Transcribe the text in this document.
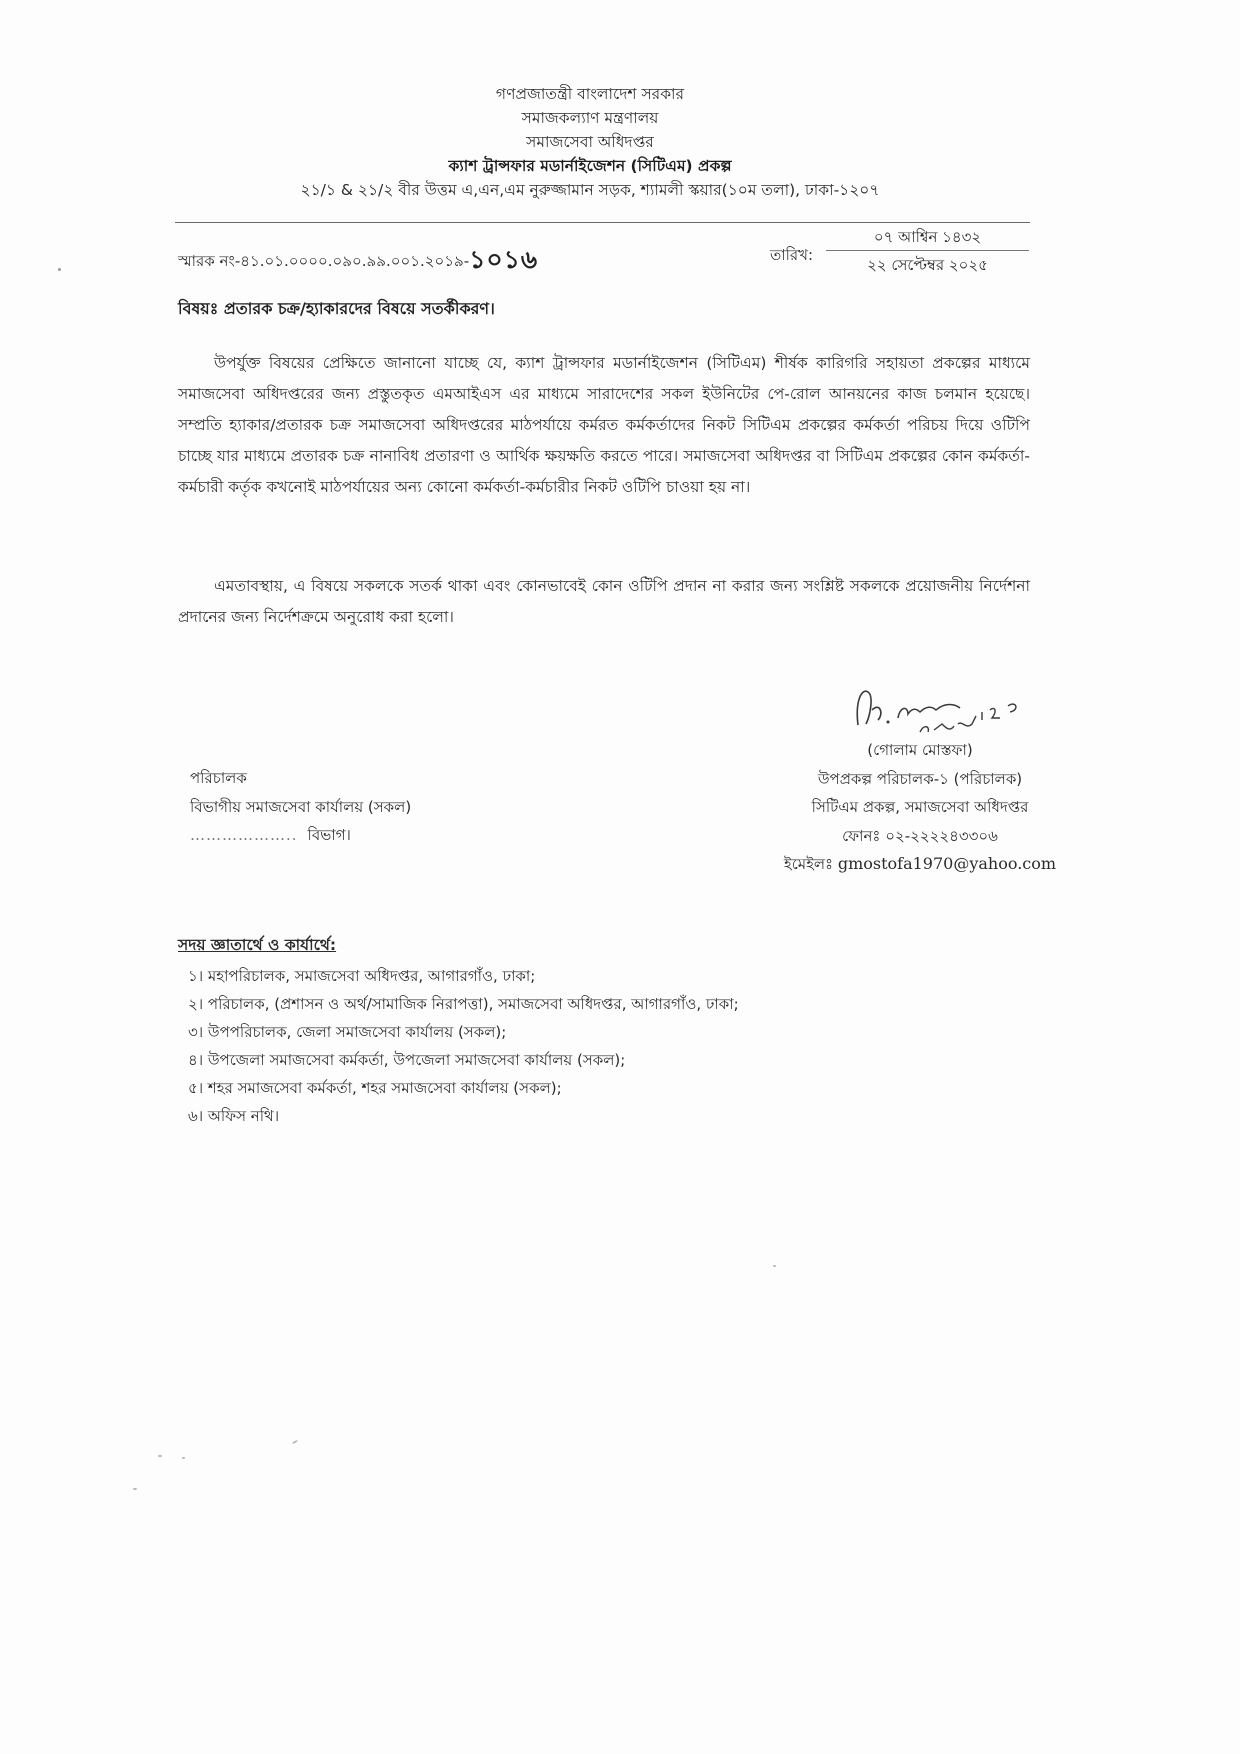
গণপ্রজাতন্ত্রী বাংলাদেশ সরকার
সমাজকল্যাণ মন্ত্রণালয়
সমাজসেবা অধিদপ্তর
ক্যাশ ট্রান্সফার মডার্নাইজেশন (সিটিএম) প্রকল্প
২১/১ & ২১/২ বীর উত্তম এ,এন,এম নুরুজ্জামান সড়ক, শ্যামলী স্কয়ার(১০ম তলা), ঢাকা-১২০৭
স্মারক নং-৪১.০১.০০০০.০৯০.৯৯.০০১.২০১৯-১০১৬	তারিখ:
০৭ আশ্বিন ১৪৩২
২২ সেপ্টেম্বর ২০২৫
বিষয়ঃ প্রতারক চক্র/হ্যাকারদের বিষয়ে সতর্কীকরণ।

উপর্যুক্ত বিষয়ের প্রেক্ষিতে জানানো যাচ্ছে যে, ক্যাশ ট্রান্সফার মডার্নাইজেশন (সিটিএম) শীর্ষক কারিগরি সহায়তা প্রকল্পের মাধ্যমে সমাজসেবা অধিদপ্তরের জন্য প্রস্তুতকৃত এমআইএস এর মাধ্যমে সারাদেশের সকল ইউনিটের পে-রোল আনয়নের কাজ চলমান হয়েছে। সম্প্রতি হ্যাকার/প্রতারক চক্র সমাজসেবা অধিদপ্তরের মাঠপর্যায়ে কর্মরত কর্মকর্তাদের নিকট সিটিএম প্রকল্পের কর্মকর্তা পরিচয় দিয়ে ওটিপি চাচ্ছে যার মাধ্যমে প্রতারক চক্র নানাবিধ প্রতারণা ও আর্থিক ক্ষয়ক্ষতি করতে পারে। সমাজসেবা অধিদপ্তর বা সিটিএম প্রকল্পের কোন কর্মকর্তা-কর্মচারী কর্তৃক কখনোই মাঠপর্যায়ের অন্য কোনো কর্মকর্তা-কর্মচারীর নিকট ওটিপি চাওয়া হয় না।

এমতাবস্থায়, এ বিষয়ে সকলকে সতর্ক থাকা এবং কোনভাবেই কোন ওটিপি প্রদান না করার জন্য সংশ্লিষ্ট সকলকে প্রয়োজনীয় নির্দেশনা প্রদানের জন্য নির্দেশক্রমে অনুরোধ করা হলো।

(গোলাম মোস্তফা)
উপপ্রকল্প পরিচালক-১ (পরিচালক)
সিটিএম প্রকল্প, সমাজসেবা অধিদপ্তর
ফোনঃ ০২-২২২২৪৩৩০৬
ইমেইলঃ gmostofa1970@yahoo.com
পরিচালক
বিভাগীয় সমাজসেবা কার্যালয় (সকল)
……………….. বিভাগ।
সদয় জ্ঞাতার্থে ও কার্যার্থে:
১। মহাপরিচালক, সমাজসেবা অধিদপ্তর, আগারগাঁও, ঢাকা;
২। পরিচালক, (প্রশাসন ও অর্থ/সামাজিক নিরাপত্তা), সমাজসেবা অধিদপ্তর, আগারগাঁও, ঢাকা;
৩। উপপরিচালক, জেলা সমাজসেবা কার্যালয় (সকল);
৪। উপজেলা সমাজসেবা কর্মকর্তা, উপজেলা সমাজসেবা কার্যালয় (সকল);
৫। শহর সমাজসেবা কর্মকর্তা, শহর সমাজসেবা কার্যালয় (সকল);
৬। অফিস নথি।
